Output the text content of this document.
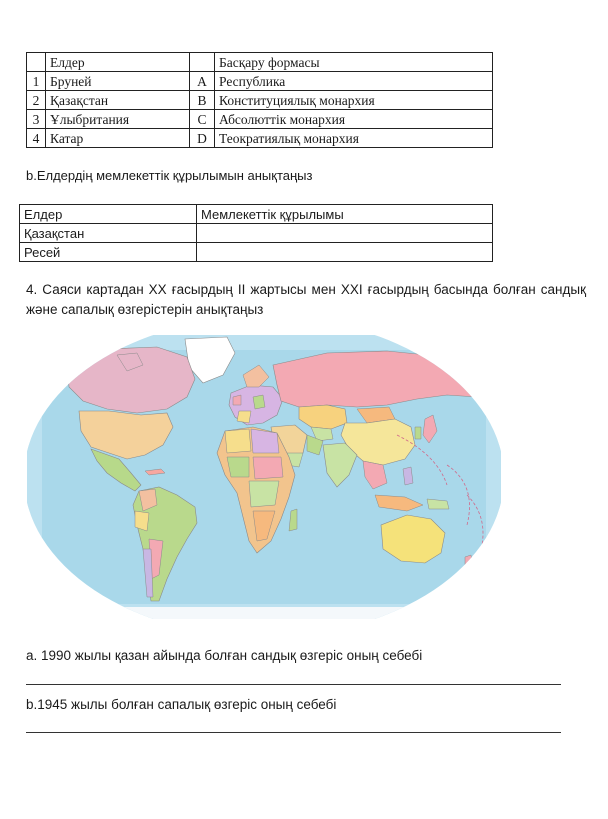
	Елдер		Басқару формасы
1	Бруней	A	Республика
2	Қазақстан	B	Конституциялық монархия
3	Ұлыбритания	C	Абсолюттік монархия
4	Катар	D	Теократиялық монархия
b.Елдердің мемлекеттік құрылымын анықтаңыз
Елдер	Мемлекеттік құрылымы
Қазақстан	
Ресей	
4. Саяси картадан ХХ ғасырдың ІІ жартысы мен ХХІ ғасырдың басында болған сандық және сапалық өзгерістерін анықтаңыз
а. 1990 жылы қазан айында болған сандық өзгеріс оның себебі
b.1945 жылы болған сапалық өзгеріс оның себебі
